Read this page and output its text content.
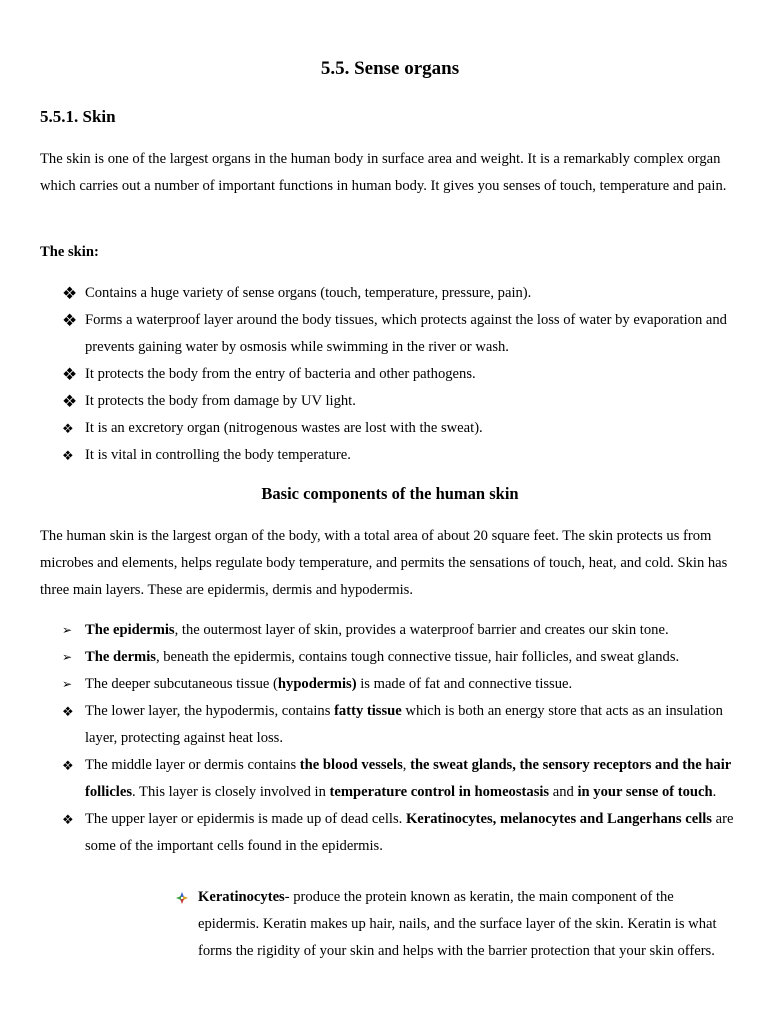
5.5. Sense organs
5.5.1. Skin
The skin is one of the largest organs in the human body in surface area and weight. It is a remarkably complex organ which carries out a number of important functions in human body. It gives you senses of touch, temperature and pain.
The skin:
❖ Contains a huge variety of sense organs (touch, temperature, pressure, pain).
❖ Forms a waterproof layer around the body tissues, which protects against the loss of water by evaporation and prevents gaining water by osmosis while swimming in the river or wash.
❖ It protects the body from the entry of bacteria and other pathogens.
❖ It protects the body from damage by UV light.
❖ It is an excretory organ (nitrogenous wastes are lost with the sweat).
❖ It is vital in controlling the body temperature.
Basic components of the human skin
The human skin is the largest organ of the body, with a total area of about 20 square feet. The skin protects us from microbes and elements, helps regulate body temperature, and permits the sensations of touch, heat, and cold. Skin has three main layers. These are epidermis, dermis and hypodermis.
➢ The epidermis, the outermost layer of skin, provides a waterproof barrier and creates our skin tone.
➢ The dermis, beneath the epidermis, contains tough connective tissue, hair follicles, and sweat glands.
➢ The deeper subcutaneous tissue (hypodermis) is made of fat and connective tissue.
❖ The lower layer, the hypodermis, contains fatty tissue which is both an energy store that acts as an insulation layer, protecting against heat loss.
❖ The middle layer or dermis contains the blood vessels, the sweat glands, the sensory receptors and the hair follicles. This layer is closely involved in temperature control in homeostasis and in your sense of touch.
❖ The upper layer or epidermis is made up of dead cells. Keratinocytes, melanocytes and Langerhans cells are some of the important cells found in the epidermis.
Keratinocytes- produce the protein known as keratin, the main component of the epidermis. Keratin makes up hair, nails, and the surface layer of the skin. Keratin is what forms the rigidity of your skin and helps with the barrier protection that your skin offers.
